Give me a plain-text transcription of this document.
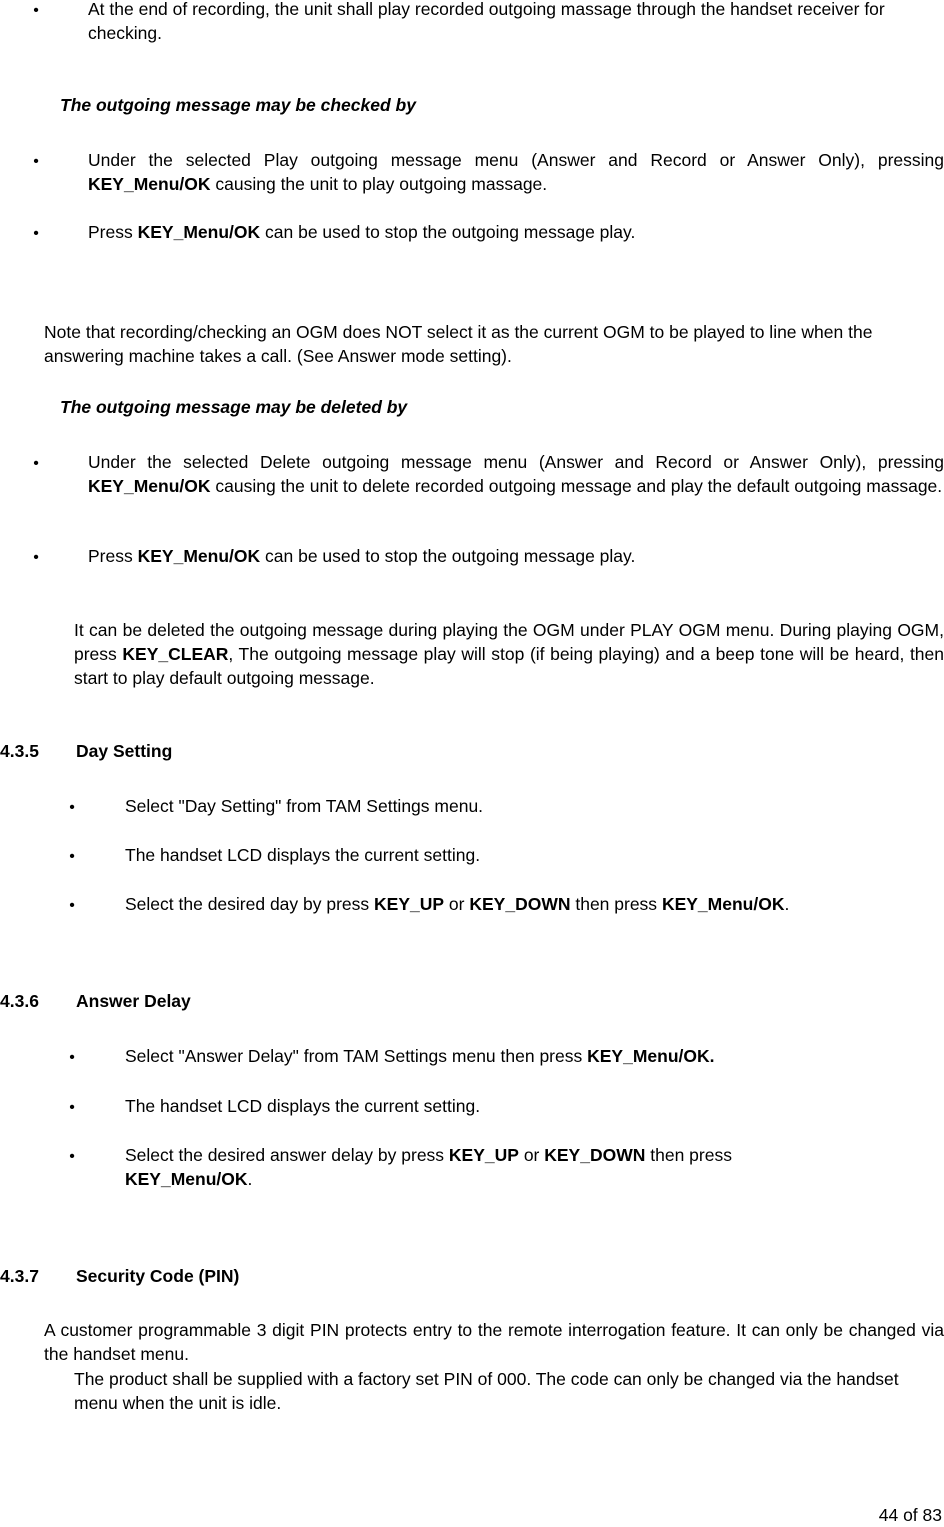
•
At the end of recording, the unit shall play recorded outgoing massage through the handset receiver for checking.
The outgoing message may be checked by
•
Under the selected Play outgoing message menu (Answer and Record or Answer Only), pressing KEY_Menu/OK causing the unit to play outgoing massage.
•
Press KEY_Menu/OK can be used to stop the outgoing message play.
Note that recording/checking an OGM does NOT select it as the current OGM to be played to line when the answering machine takes a call. (See Answer mode setting).
The outgoing message may be deleted by
•
Under the selected Delete outgoing message menu (Answer and Record or Answer Only), pressing KEY_Menu/OK causing the unit to delete recorded outgoing message and play the default outgoing massage.
•
Press KEY_Menu/OK can be used to stop the outgoing message play.
It can be deleted the outgoing message during playing the OGM under PLAY OGM menu. During playing OGM, press KEY_CLEAR, The outgoing message play will stop (if being playing) and a beep tone will be heard, then start to play default outgoing message.
4.3.5 Day Setting
•
Select "Day Setting" from TAM Settings menu.
•
The handset LCD displays the current setting.
•
Select the desired day by press KEY_UP or KEY_DOWN then press KEY_Menu/OK.
4.3.6 Answer Delay
•
Select "Answer Delay" from TAM Settings menu then press KEY_Menu/OK.
•
The handset LCD displays the current setting.
•
Select the desired answer delay by press KEY_UP or KEY_DOWN then press
KEY_Menu/OK.
4.3.7 Security Code (PIN)
A customer programmable 3 digit PIN protects entry to the remote interrogation feature. It can only be changed via the handset menu.
The product shall be supplied with a factory set PIN of 000. The code can only be changed via the handset menu when the unit is idle.
44 of 83
